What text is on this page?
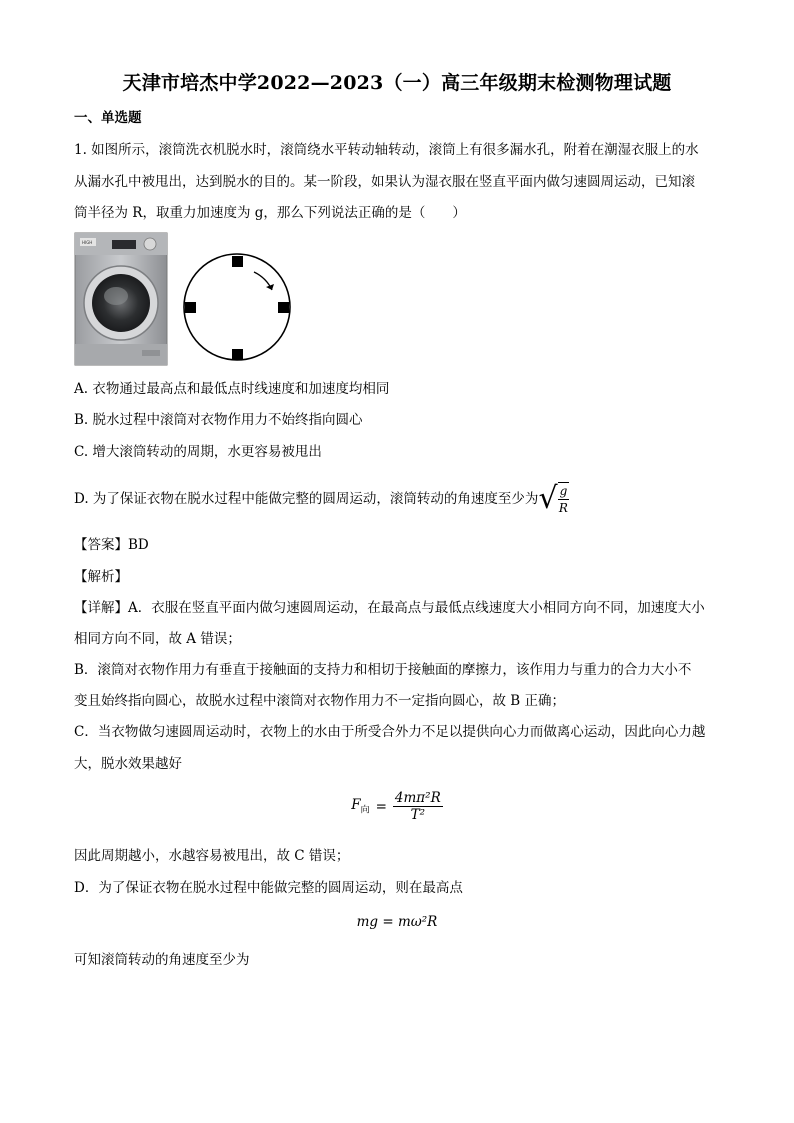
天津市培杰中学2022—2023（一）高三年级期末检测物理试题
一、单选题
1. 如图所示，滚筒洗衣机脱水时，滚筒绕水平转动轴转动，滚筒上有很多漏水孔，附着在潮湿衣服上的水
从漏水孔中被甩出，达到脱水的目的。某一阶段，如果认为湿衣服在竖直平面内做匀速圆周运动，已知滚
筒半径为 R，取重力加速度为 g，那么下列说法正确的是（　　）
HIGH
A. 衣物通过最高点和最低点时线速度和加速度均相同
B. 脱水过程中滚筒对衣物作用力不始终指向圆心
C. 增大滚筒转动的周期，水更容易被甩出
D. 为了保证衣物在脱水过程中能做完整的圆周运动，滚筒转动的角速度至少为 √ $\frac{g}{R}$
【答案】BD
【解析】
【详解】A．衣服在竖直平面内做匀速圆周运动，在最高点与最低点线速度大小相同方向不同，加速度大小
相同方向不同，故 A 错误；
B．滚筒对衣物作用力有垂直于接触面的支持力和相切于接触面的摩擦力，该作用力与重力的合力大小不
变且始终指向圆心，故脱水过程中滚筒对衣物作用力不一定指向圆心，故 B 正确；
C．当衣物做匀速圆周运动时，衣物上的水由于所受合外力不足以提供向心力而做离心运动，因此向心力越
大，脱水效果越好
$F_向 = \frac{\text{4mπ²R}}{\text{T²}}$
因此周期越小，水越容易被甩出，故 C 错误；
D．为了保证衣物在脱水过程中能做完整的圆周运动，则在最高点
mg = mω²R
可知滚筒转动的角速度至少为
